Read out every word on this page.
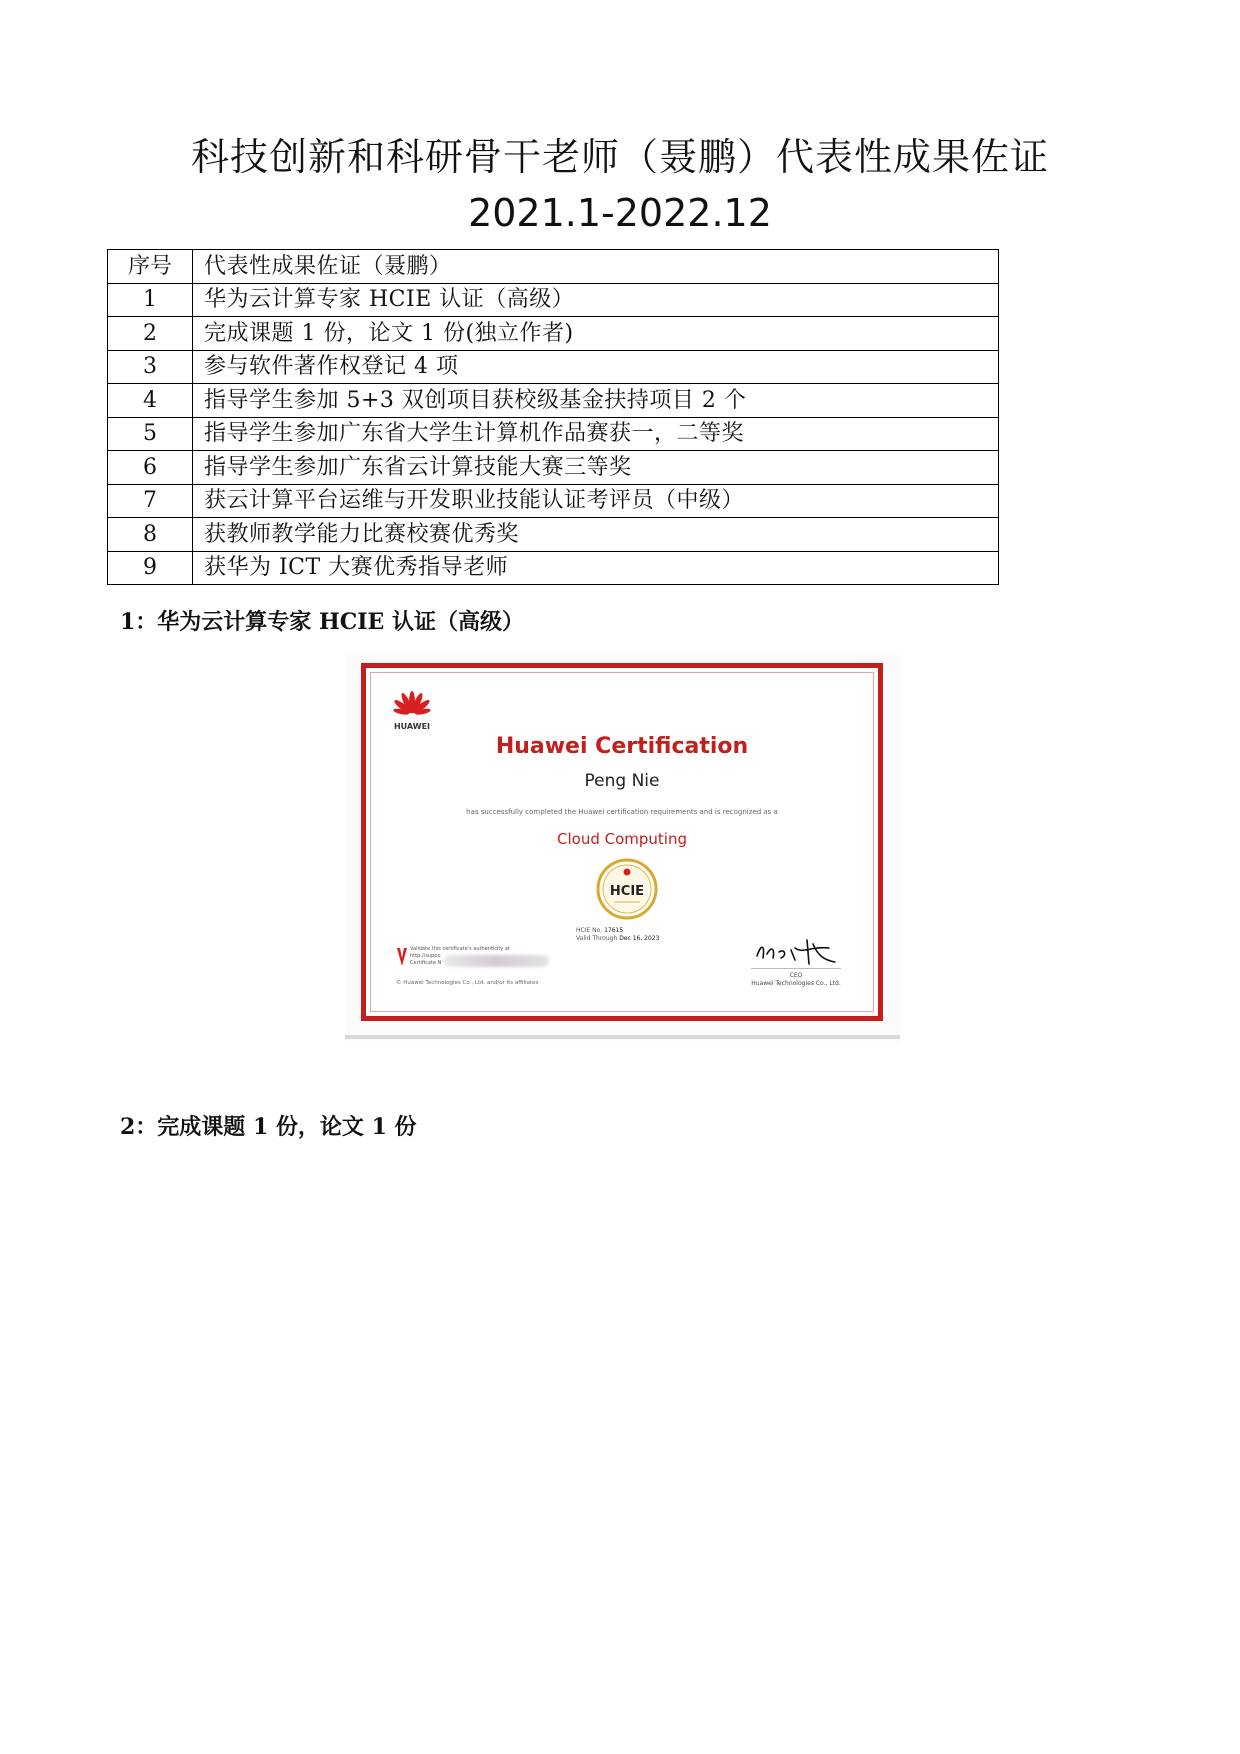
科技创新和科研骨干老师（聂鹏）代表性成果佐证
2021.1-2022.12
序号	代表性成果佐证（聂鹏）
1	华为云计算专家 HCIE 认证（高级）
2	完成课题 1 份，论文 1 份(独立作者)
3	参与软件著作权登记 4 项
4	指导学生参加 5+3 双创项目获校级基金扶持项目 2 个
5	指导学生参加广东省大学生计算机作品赛获一，二等奖
6	指导学生参加广东省云计算技能大赛三等奖
7	获云计算平台运维与开发职业技能认证考评员（中级）
8	获教师教学能力比赛校赛优秀奖
9	获华为 ICT 大赛优秀指导老师
1：华为云计算专家 HCIE 认证（高级）
HUAWEI
Huawei Certification
Peng Nie
has successfully completed the Huawei certification requirements and is recognized as a
Cloud Computing
HCIE
HCIE No. 17615
Valid Through Dec 16, 2023
CEO
Huawei Technologies Co., Ltd.
Validate this certificate's authenticity at
http://suppo
Certificate N
© Huawei Technologies Co., Ltd. and/or its affiliates
2：完成课题 1 份，论文 1 份
